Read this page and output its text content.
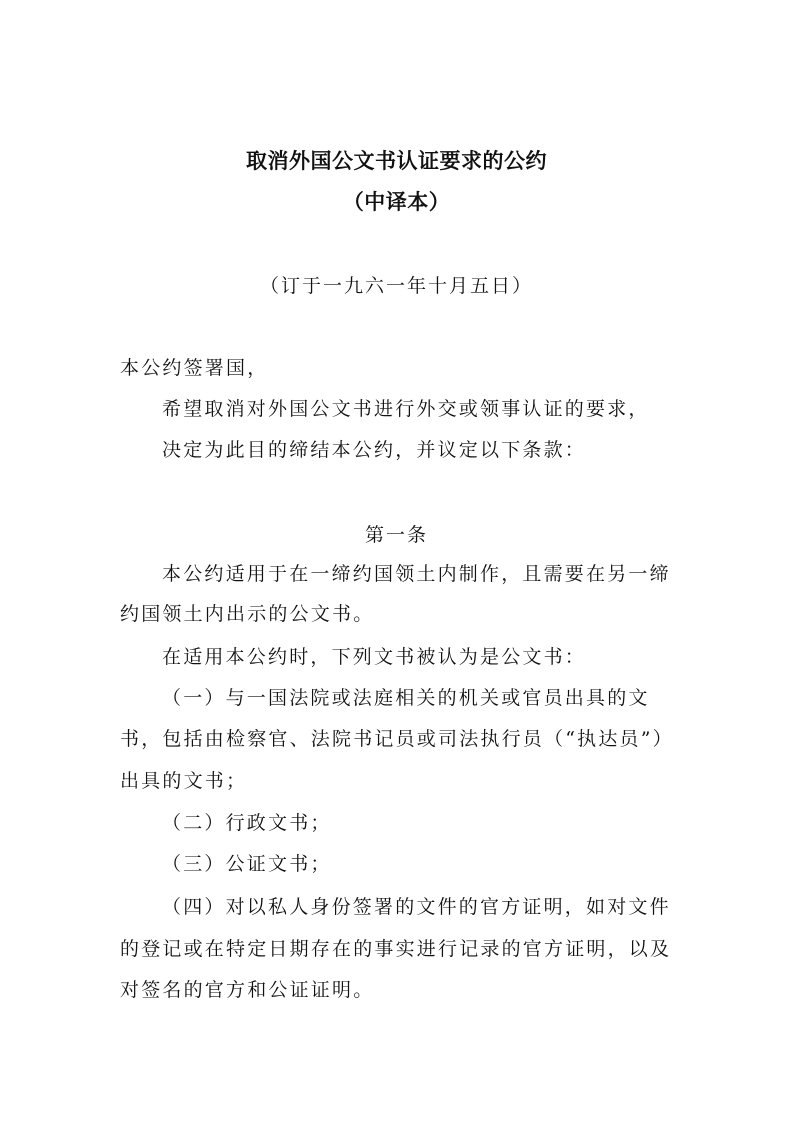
取消外国公文书认证要求的公约
（中译本）
（订于一九六一年十月五日）
本公约签署国，
希望取消对外国公文书进行外交或领事认证的要求，
决定为此目的缔结本公约，并议定以下条款：
第一条
本公约适用于在一缔约国领土内制作，且需要在另一缔
约国领土内出示的公文书。
在适用本公约时，下列文书被认为是公文书：
（一）与一国法院或法庭相关的机关或官员出具的文
书，包括由检察官、法院书记员或司法执行员（“执达员”）
出具的文书；
（二）行政文书；
（三）公证文书；
（四）对以私人身份签署的文件的官方证明，如对文件
的登记或在特定日期存在的事实进行记录的官方证明，以及
对签名的官方和公证证明。
